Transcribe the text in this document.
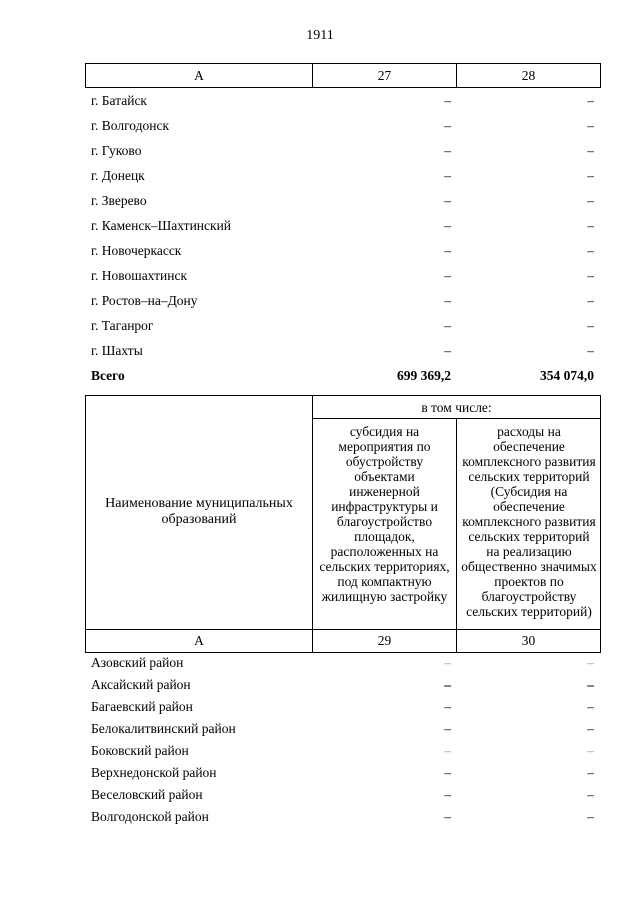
1911
А	27	28
г. Батайск	–	–
г. Волгодонск	–	–
г. Гуково	–	–
г. Донецк	–	–
г. Зверево	–	–
г. Каменск–Шахтинский	–	–
г. Новочеркасск	–	–
г. Новошахтинск	–	–
г. Ростов–на–Дону	–	–
г. Таганрог	–	–
г. Шахты	–	–
Всего	699 369,2	354 074,0
Наименование муниципальных образований
в том числе:
субсидия на мероприятия по обустройству объектами инженерной инфраструктуры и благоустройство площадок, расположенных на сельских территориях, под компактную жилищную застройку
расходы на обеспечение комплексного развития сельских территорий (Субсидия на обеспечение комплексного развития сельских территорий на реализацию общественно значимых проектов по благоустройству сельских территорий)
А	29	30
Азовский район	–	–
Аксайский район	–	–
Багаевский район	–	–
Белокалитвинский район	–	–
Боковский район	–	–
Верхнедонской район	–	–
Веселовский район	–	–
Волгодонской район	–	–
